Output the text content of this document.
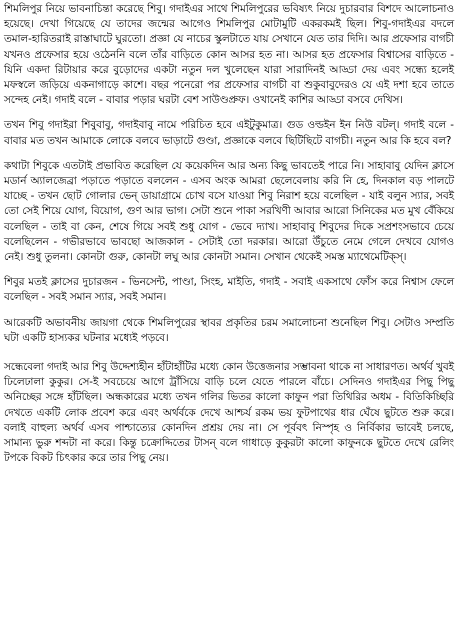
শিমলিপুর নিয়ে ভাবনাচিন্তা করেছে শিবু। গদাইএর সাথে শিমলিপুরের ভবিষ্যৎ নিয়ে দুচারবার বিশদে আলোচনাও হয়েছে। দেখা গিয়েছে যে তাদের জন্মের আগেও শিমলিপুর মোটামুটি একরকমই ছিল। শিবু-গদাইএর বদলে তমাল-হারিতরাই রাস্তাঘাটে ঘুরতো। প্রজ্ঞা যে নাচের স্কুলটাতে যায় সেখানে যেত তার দিদি। আর প্রফেসার বাগচী যখনও প্রফেসার হয়ে ওঠেননি বলে তাঁর বাড়িতে কোন আসর হত না। আসর হত প্রফেসার বিশ্বাসের বাড়িতে - যিনি একদা রিটায়ার করে বুড়োদের একটা নতুন দল খুলেছেন যারা সারাদিনই আড্ডা দেয় এবং সন্ধ্যে হলেই মফস্বলে জড়িয়ে একনাগাড়ে কাশে। বছর পনেরো পর প্রফেসার বাগচী বা শুকুবাবুদেরও যে এই দশা হবে তাতে সন্দেহ নেই। গদাই বলে - বাবার পড়ার ঘরটা বেশ সাউণ্ডপ্রুফ। ওখানেই কাশির আড্ডা বসবে দেখিস।

তখন শিবু গদাইরা শিবুবাবু, গদাইবাবু নামে পরিচিত হবে এইটুকুমাত্র। গুড ওল্ডইন ইন নিউ বটল্। গদাই বলে - বাবার মত তখন আমাকে লোকে বলবে ভাড়াটে গুণ্ডা, প্রজ্ঞাকে বলবে ছিটিছিটে বাগচী। নতুন আর কি হবে বল?

কথাটা শিবুকে এতটাই প্রভাবিত করেছিল যে কয়েকদিন আর অন্য কিছু ভাবতেই পারে নি। সাহাবাবু যেদিন ক্লাসে মডার্ন অ্যালজেব্রা পড়াতে পড়াতে বললেন - এসব অংক আমরা ছেলেবেলায় করি নি হে, দিনকাল বড় পালটে যাচ্ছে - তখন ছোট গোলার ভেন্ ডায়াগ্রামে চোখ বসে যাওয়া শিবু নিরাশ হয়ে বলেছিল - যাই বলুন স্যার, সবই তো সেই শিয়ে যোগ, বিয়োগ, গুণ আর ভাগ। সেটা শুনে পাকা সরখিণী আবার আরো সিনিকের মত মুখ বেঁকিয়ে বলেছিল - তাই বা কেন, শেষে গিয়ে সবই শুধু যোগ - ভেবে দ্যাখ। সাহাবাবু শিবুদের দিকে সপ্রশংসভাবে চেয়ে বলেছিলেন - গভীরভাবে ভাবছো আজকাল - সেটাই তো দরকার। আরো উঁচুতে নেমে গেলে দেখবে যোগও নেই। শুধু তুলনা। কোনটা গুরু, কোনটা লঘু আর কোনটা সমান। সেখান থেকেই সমস্ত ম্যাথেমেটিক্স্।

শিবুর মতই ক্লাসের দুচারজন - ভিনসেন্ট, পাণ্ডা, সিংহ, মাইতি, গদাই - সবাই একসাথে ফোঁস করে নিশ্বাস ফেলে বলেছিল - সবই সমান স্যার, সবই সমান।

আরেকটি অভাবনীয় জায়গা থেকে শিমলিপুরের স্থাবর প্রকৃতির চরম সমালোচনা শুনেছিল শিবু। সেটাও সম্প্রতি ঘটা একটি হাস্যকর ঘটনার মধ্যেই পড়বে।

সন্ধেবেলা গদাই আর শিবু উদ্দেশ্যহীন হাঁটাহাঁটির মধ্যে কোন উত্তেজনার সম্ভাবনা থাকে না সাধারণত। অর্থর্ব খুবই ঢিলেঢালা কুকুর। সে-ই সবচেয়ে আগে ট্রাঁসিয়ে বাড়ি চলে যেতে পারলে বাঁচে। সেদিনও গদাইএর পিছু পিছু অনিচ্ছের সঙ্গে হাঁটছিল। অন্ধকারের মধ্যে তখন গলির ভিতর কালো কাফুন পরা তিথিরির অধম - বিতিকিচ্ছিরি দেখতে একটি লোক প্রবেশ করে এবং অর্থর্বকে দেখে আশ্চর্য রকম ভয় ফুটপাথের ধার ঘেঁষে ছুটতে শুরু করে। বলাই বাহুল্য অর্থর্ব এসব পাশ্চাত্যের কোনদিন প্রশ্রয় দেয় না। সে পূর্ববৎ নিস্পৃহ ও নির্বিকার ভাবেই চলছে, সামান্য ভুরু শব্দটা না করে। কিন্তু চক্রোদ্দিতের টাসন্ বলে গাধাড়ে কুকুরটা কালো কাফুনকে ছুটতে দেখে রেলিং টপকে বিকট চিৎকার করে তার পিছু নেয়।
